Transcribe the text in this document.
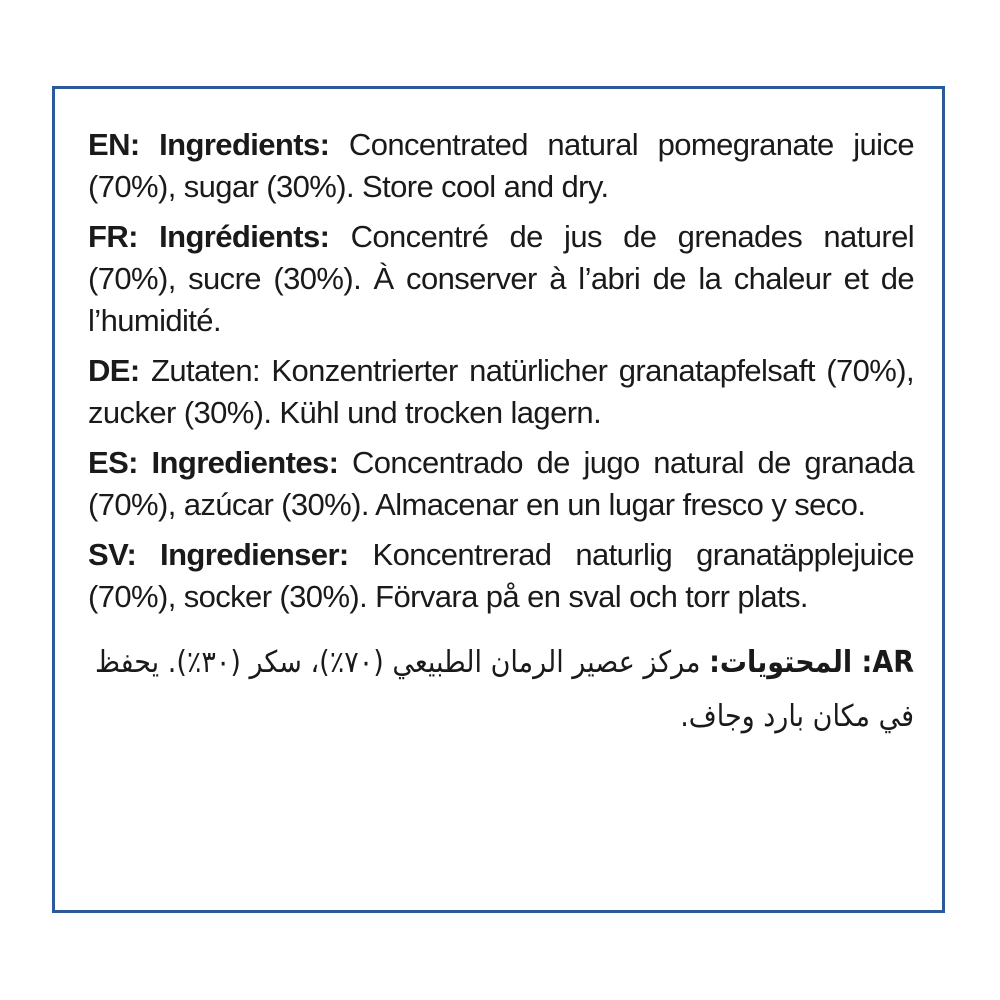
EN: Ingredients: Concentrated natural pomegranate juice (70%), sugar (30%). Store cool and dry.

FR: Ingrédients: Concentré de jus de grenades naturel (70%), sucre (30%). À conserver à l’abri de la chaleur et de l’humidité.

DE: Zutaten: Konzentrierter natürlicher granatapfelsaft (70%), zucker (30%). Kühl und trocken lagern.

ES: Ingredientes: Concentrado de jugo natural de granada (70%), azúcar (30%). Almacenar en un lugar fresco y seco.

SV: Ingredienser: Koncentrerad naturlig granatäpplejuice (70%), socker (30%). Förvara på en sval och torr plats.

AR: المحتويات: مركز عصير الرمان الطبيعي (٧٠٪)، سكر (٣٠٪). يحفظ في مكان بارد وجاف.
